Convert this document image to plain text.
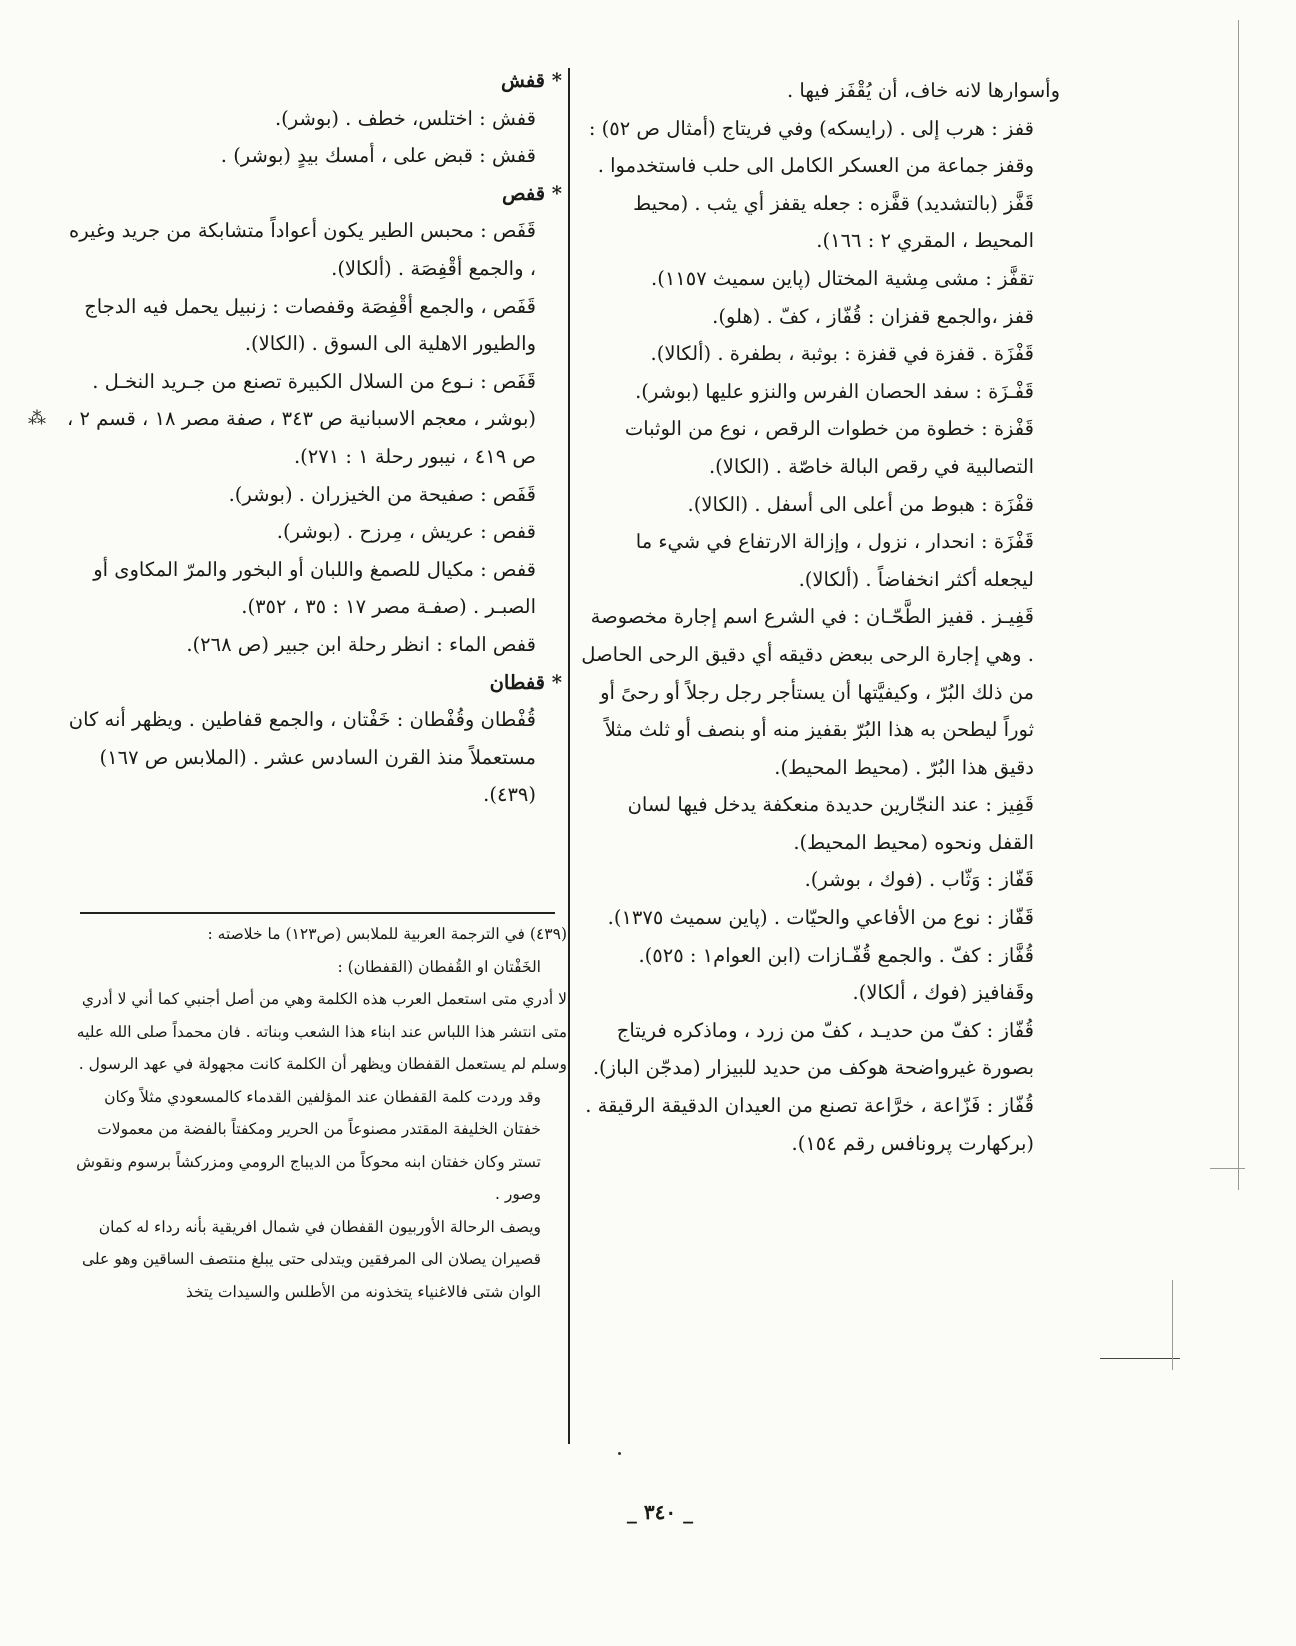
وأسوارها لانه خاف، أن يُقْفَز فيها .

قفز : هرب إلى . (رايسكه) وفي فريتاج (أمثال ص ٥٢) : وقفز جماعة من العسكر الكامل الى حلب فاستخدموا .

قَفَّز (بالتشديد) قفَّزه : جعله يقفز أي يثب . (محيط المحيط ، المقري ٢ : ١٦٦).

تقفَّز : مشى مِشية المختال (پاين سميث ١١٥٧).

قفز ،والجمع قفزان : قُفّاز ، كفّ . (هلو).

قَفْزَة . قفزة في قفزة : بوثبة ، بطفرة . (ألكالا).

قَفْـزَة : سفد الحصان الفرس والنزو عليها (بوشر).

قَفْزة : خطوة من خطوات الرقص ، نوع من الوثبات التصالبية في رقص البالة خاصّة . (الكالا).

قفْزَة : هبوط من أعلى الى أسفل . (الكالا).

قَفْزَة : انحدار ، نزول ، وإزالة الارتفاع في شيء ما ليجعله أكثر انخفاضاً . (ألكالا).

قَفِيـز . قفيز الطَّحّـان : في الشرع اسم إجارة مخصوصة . وهي إجارة الرحى ببعض دقيقه أي دقيق الرحى الحاصل من ذلك البُرّ ، وكيفيَّتها أن يستأجر رجل رجلاً أو رحىً أو ثوراً ليطحن به هذا البُرّ بقفيز منه أو بنصف أو ثلث مثلاً دقيق هذا البُرّ . (محيط المحيط).

قَفِيز : عند النجّارين حديدة منعكفة يدخل فيها لسان القفل ونحوه (محيط المحيط).

قَفّاز : وَثّاب . (فوك ، بوشر).

قَفّاز : نوع من الأفاعي والحيّات . (پاين سميث ١٣٧٥).

قُفَّاز : كفّ . والجمع قُفّـازات (ابن العوام١ : ٥٢٥). وقَفافيز (فوك ، ألكالا).

قُفّاز : كفّ من حديـد ، كفّ من زرد ، وماذكره فريتاج بصورة غيرواضحة هوكف من حديد للبيزار (مدجّن الباز).

قُفّاز : فَزّاعة ، خرَّاعة تصنع من العيدان الدقيقة الرقيقة . (بركهارت پرونافس رقم ١٥٤).

* قفش

قفش : اختلس، خطف . (بوشر).

قفش : قبض على ، أمسك بيدٍ (بوشر) .

* قفص

قَفَص : محبس الطير يكون أعواداً متشابكة من جريد وغيره ، والجمع أقْفِصَة . (ألكالا).

قَفَص ، والجمع أقْفِصَة وقفصات : زنبيل يحمل فيه الدجاج والطيور الاهلية الى السوق . (الكالا).

قَفَص : نـوع من السلال الكبيرة تصنع من جـريد النخـل . (بوشر ، معجم الاسبانية ص ٣٤٣ ، صفة مصر ١٨ ، قسم ٢ ، ص ٤١٩ ، نيبور رحلة ١ : ٢٧١).

قَفَص : صفيحة من الخيزران . (بوشر).

قفص : عريش ، مِرزح . (بوشر).

قفص : مكيال للصمغ واللبان أو البخور والمرّ المكاوى أو الصبـر . (صفـة مصر ١٧ : ٣٥ ، ٣٥٢).

قفص الماء : انظر رحلة ابن جبير (ص ٢٦٨).

* قفطان

قُفْطان وقُفْطان : خَفْتان ، والجمع قفاطين . ويظهر أنه كان مستعملاً منذ القرن السادس عشر . (الملابس ص ١٦٧)(٤٣٩).

(٤٣٩) في الترجمة العربية للملابس (ص١٢٣) ما خلاصته :

الخَفْتان او القُفطان (القفطان) :

لا أدري متى استعمل العرب هذه الكلمة وهي من أصل أجنبي كما أني لا أدري متى انتشر هذا اللباس عند ابناء هذا الشعب وبناته . فان محمداً صلى الله عليه وسلم لم يستعمل القفطان ويظهر أن الكلمة كانت مجهولة في عهد الرسول .

وقد وردت كلمة القفطان عند المؤلفين القدماء كالمسعودي مثلاً وكان خفتان الخليفة المقتدر مصنوعاً من الحرير ومكفتاً بالفضة من معمولات تستر وكان خفتان ابنه محوكاً من الديباج الرومي ومزركشاً برسوم ونقوش وصور .

ويصف الرحالة الأوربيون القفطان في شمال افريقية بأنه رداء له كمان قصيران يصلان الى المرفقين ويتدلى حتى يبلغ منتصف الساقين وهو على الوان شتى فالاغنياء يتخذونه من الأطلس والسيدات يتخذ

_ ٣٤٠ _
⁂
